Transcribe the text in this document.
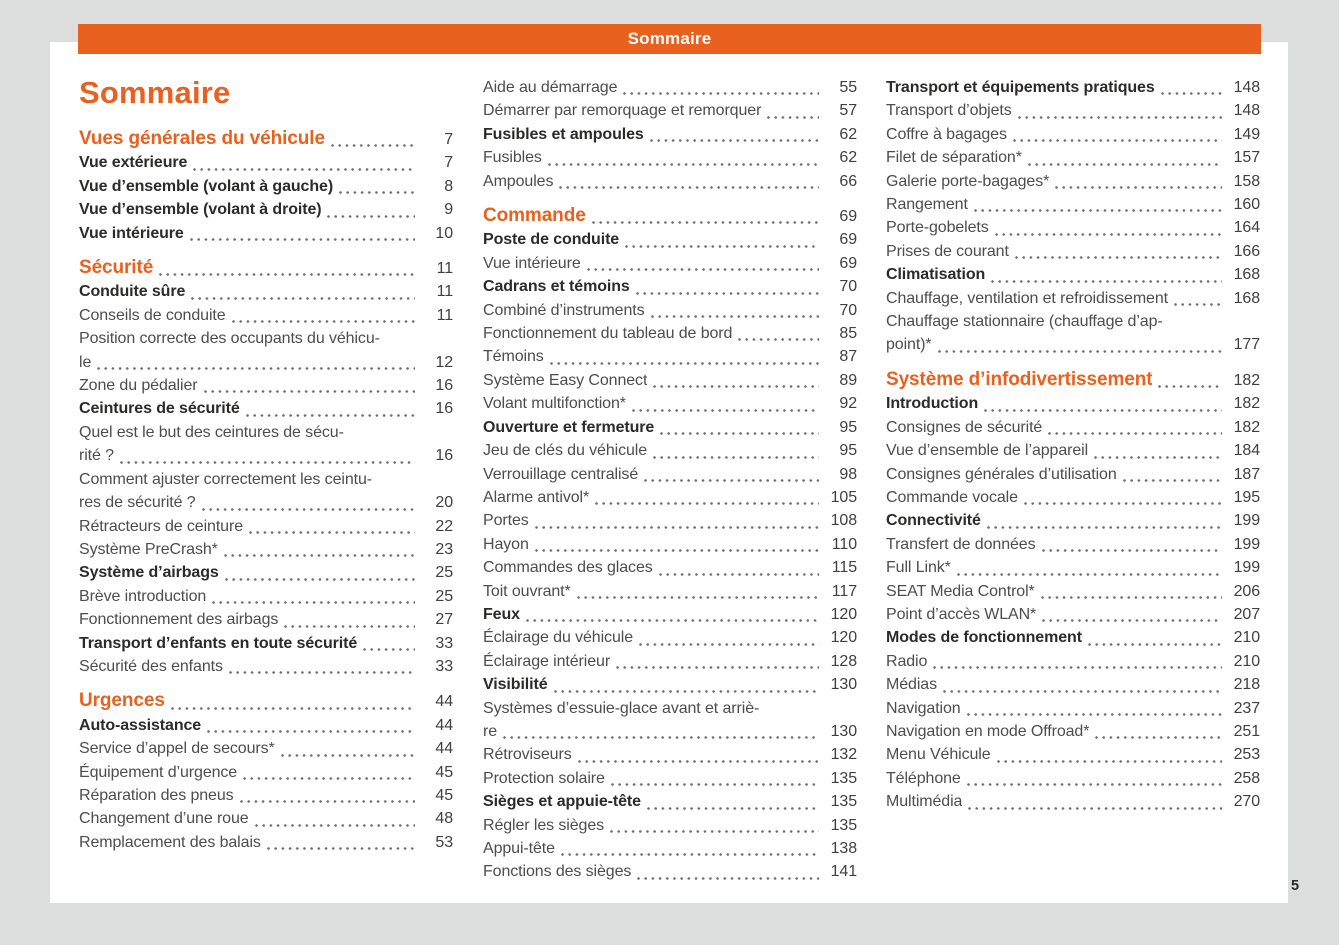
Sommaire
Sommaire
Vues générales du véhicule	7
Vue extérieure	7
Vue d’ensemble (volant à gauche)	8
Vue d’ensemble (volant à droite)	9
Vue intérieure	10
Sécurité	11
Conduite sûre	11
Conseils de conduite	11
Position correcte des occupants du véhicu-
le	12
Zone du pédalier	16
Ceintures de sécurité	16
Quel est le but des ceintures de sécu-
rité ?	16
Comment ajuster correctement les ceintu-
res de sécurité ?	20
Rétracteurs de ceinture	22
Système PreCrash*	23
Système d’airbags	25
Brève introduction	25
Fonctionnement des airbags	27
Transport d’enfants en toute sécurité	33
Sécurité des enfants	33
Urgences	44
Auto-assistance	44
Service d’appel de secours*	44
Équipement d’urgence	45
Réparation des pneus	45
Changement d’une roue	48
Remplacement des balais	53
Aide au démarrage	55
Démarrer par remorquage et remorquer	57
Fusibles et ampoules	62
Fusibles	62
Ampoules	66
Commande	69
Poste de conduite	69
Vue intérieure	69
Cadrans et témoins	70
Combiné d’instruments	70
Fonctionnement du tableau de bord	85
Témoins	87
Système Easy Connect	89
Volant multifonction*	92
Ouverture et fermeture	95
Jeu de clés du véhicule	95
Verrouillage centralisé	98
Alarme antivol*	105
Portes	108
Hayon	110
Commandes des glaces	115
Toit ouvrant*	117
Feux	120
Éclairage du véhicule	120
Éclairage intérieur	128
Visibilité	130
Systèmes d’essuie-glace avant et arriè-
re	130
Rétroviseurs	132
Protection solaire	135
Sièges et appuie-tête	135
Régler les sièges	135
Appui-tête	138
Fonctions des sièges	141
Transport et équipements pratiques	148
Transport d’objets	148
Coffre à bagages	149
Filet de séparation*	157
Galerie porte-bagages*	158
Rangement	160
Porte-gobelets	164
Prises de courant	166
Climatisation	168
Chauffage, ventilation et refroidissement	168
Chauffage stationnaire (chauffage d’ap-
point)*	177
Système d’infodivertissement	182
Introduction	182
Consignes de sécurité	182
Vue d’ensemble de l’appareil	184
Consignes générales d’utilisation	187
Commande vocale	195
Connectivité	199
Transfert de données	199
Full Link*	199
SEAT Media Control*	206
Point d’accès WLAN*	207
Modes de fonctionnement	210
Radio	210
Médias	218
Navigation	237
Navigation en mode Offroad*	251
Menu Véhicule	253
Téléphone	258
Multimédia	270
5
